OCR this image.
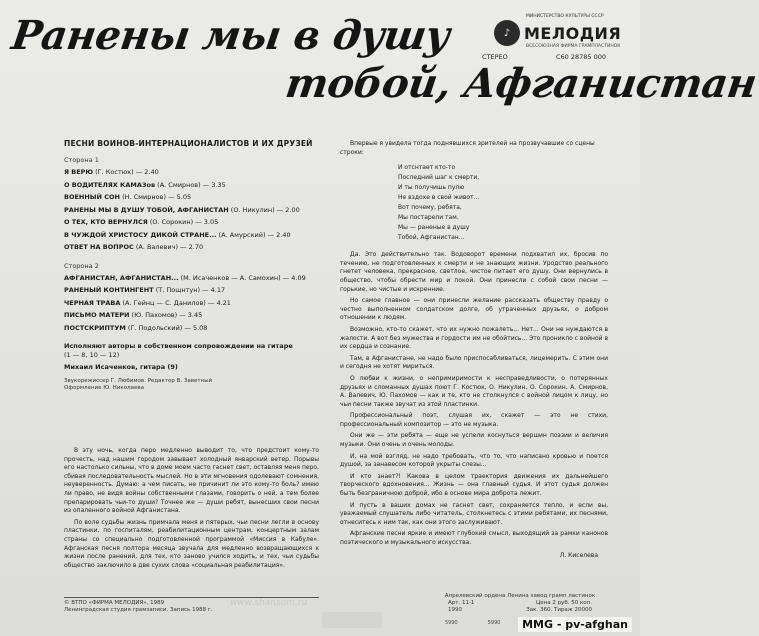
Ранены мы в душу
тобой, Афганистан
МИНИСТЕРСТВО КУЛЬТУРЫ СССР
♪ МЕЛОДИЯ
ВСЕСОЮЗНАЯ ФИРМА ГРАМПЛАСТИНОК
СТЕРЕО	С60 28785 000
ПЕСНИ ВОИНОВ-ИНТЕРНАЦИОНАЛИСТОВ И ИХ ДРУЗЕЙ
Сторона 1
Я ВЕРЮ (Г. Костюк) — 2.40
О ВОДИТЕЛЯХ КАМАЗов (А. Смирнов) — 3.35
ВОЕННЫЙ СОН (Н. Смирнов) — 5.05
РАНЕНЫ МЫ В ДУШУ ТОБОЙ, АФГАНИСТАН (О. Никулин) — 2.00
О ТЕХ, КТО ВЕРНУЛСЯ (О. Сорокин) — 3.05
В ЧУЖДОЙ ХРИСТОСУ ДИКОЙ СТРАНЕ... (А. Амурский) — 2.40
ОТВЕТ НА ВОПРОС (А. Валевич) — 2.70
Сторона 2
АФГАНИСТАН, АФГАНИСТАН... (М. Исаченков — А. Самохин) — 4.09
РАНЕНЫЙ КОНТИНГЕНТ (Т. Пощнтун) — 4.17
ЧЕРНАЯ ТРАВА (А. Гейнц — С. Данилов) — 4.21
ПИСЬМО МАТЕРИ (Ю. Пахомов) — 3.45
ПОСТСКРИПТУМ (Г. Подольский) — 5.08
Исполняют авторы в собственном сопровождении на гитаре
(1 — 8, 10 — 12)
Михаил Исаченков, гитара (9)
Звукорежиссер Г. Любимов. Редактор В. Заветный
Оформление Ю. Николаева

В эту ночь, когда перо медленно выводит то, что предстоит кому-то прочесть, над нашим городом завывает холодный январский ветер. Порывы его настолько сильны, что в доме моем часто гаснет свет, оставляя меня перо, сбивая последовательность мыслей. Но в эти мгновения одолевают сомнения, неуверенность. Думаю: а чем писать, не причинит ли это кому-то боль? имею ли право, не видя войны собственными глазами, говорить о ней, а тем более препарировать чьи-то души? Точнее же — души ребят, вынесших свои песни из опаленного войной Афганистана.

По воле судьбы жизнь примчала меня и пятерых, чьи песни легли в основу пластинки, по госпиталям, реабилитационным центрам, концертным залам страны со специально подготовленной программой «Миссия в Кабуле». Афганская песня полтора месяца звучала для медленно возвращающихся к жизни после ранений, для тех, кто заново учился ходить, и тех, чьи судьбы общество заключило в две сухих слова «социальная реабилитация».

Впервые я увидела тогда поднявшихся зрителей на прозвучавшие со сцены строки:

И отснтает кто-то
Последний шаг к смерти,
И ты получишь пулю
Не вздохе в свой живот...
Вот почему, ребята,
Мы постарели там.
Мы — раненые в душу
Тобой, Афганистан...

Да. Это действительно так. Водоворот времени подхватил их, бросив по течению, не подготовленных к смерти и не знающих жизни. Уродство реального гнетет человека, прекрасное, светлое, чистое питает его душу. Они вернулись в общество, чтобы обрести мир и покой. Они принесли с собой свои песни — горькие, но чистые и искренние.

Но самое главное — они принесли желание рассказать обществу правду о честно выполненном солдатском долге, об утраченных друзьях, о добром отношении к людям.

Возможно, кто-то скажет, что их нужно пожалеть... Нет... Они не нуждаются в жалости. А вот без мужества и гордости им не обойтись... Это проникло с войной в их сердца и сознание.

Там, в Афганистане, не надо было приспосабливаться, лицемерить. С этим они и сегодня не хотят мириться.

О любви к жизни, о непримиримости к несправедливости, о потерянных друзьях и сломанных душах поют Г. Костюк, О. Никулин, О. Сорокин, А. Смирнов, А. Валевич, Ю. Пахомов — как и те, кто не столкнулся с войной лицом к лицу, но чьи песни также звучат из этой пластинки.

Профессиональный поэт, слушая их, скажет — это не стихи, профессиональный композитор — это не музыка.

Они же — эти ребята — еще не успели коснуться вершин поэзии и величия музыки. Они очень и очень молоды.

И, на мой взгляд, не надо требовать, что то, что написано кровью и поется душой, за занавесом которой укрыты слезы...

И кто знает?! Какова в целом траектория движения их дальнейшего творческого вдохновения... Жизнь — она главный судья. И этот судья должен быть безграничною доброй, ибо в основе мира доброта лежит.

И пусть в ваших домах не гаснет свет, сохраняется тепло, и если вы, уважаемый слушатель либо читатель, столкнетесь с этими ребятами, их песнями, отнеситесь к ним так, как они этого заслуживают.

Афганские песни яркие и имеют глубокий смысл, выходящий за рамки канонов поэтического и музыкального искусства.

Л. Киселева
www.shansom.ru
© ВТПО «ФИРМА МЕЛОДИЯ», 1989
Ленинградская студия грамзаписи. Запись 1988 г.
Апрелевский ордена Ленина завод грамп ластинок
Арт. 11-1	Цена 2 руб. 50 коп.
1990	Зак. 360. Тираж 20000
5990	5990	MMG - pv-afghan
